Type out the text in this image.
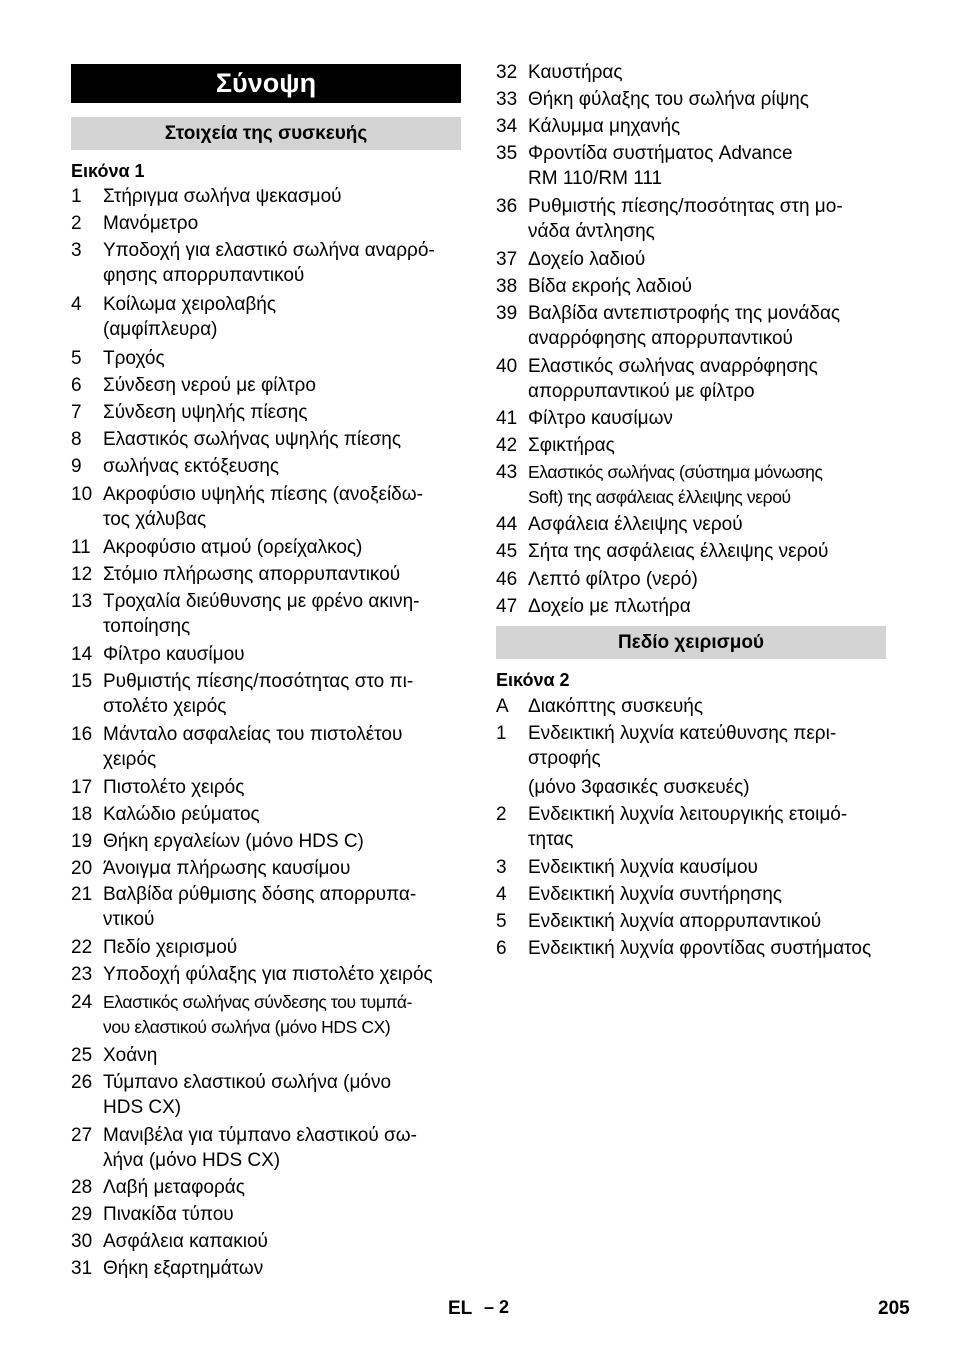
Σύνοψη
Στοιχεία της συσκευής
Εικόνα 1
1	Στήριγμα σωλήνα ψεκασμού
2	Μανόμετρο
3	Υποδοχή για ελαστικό σωλήνα αναρρό-
φησης απορρυπαντικού
4	Κοίλωμα χειρολαβής
(αμφίπλευρα)
5	Τροχός
6	Σύνδεση νερού με φίλτρο
7	Σύνδεση υψηλής πίεσης
8	Ελαστικός σωλήνας υψηλής πίεσης
9	σωλήνας εκτόξευσης
10 Ακροφύσιο υψηλής πίεσης (ανοξείδω-
τος χάλυβας
11 Ακροφύσιο ατμού (ορείχαλκος)
12 Στόμιο πλήρωσης απορρυπαντικού
13 Τροχαλία διεύθυνσης με φρένο ακινη-
τοποίησης
14 Φίλτρο καυσίμου
15 Ρυθμιστής πίεσης/ποσότητας στο πι-
στολέτο χειρός
16 Μάνταλο ασφαλείας του πιστολέτου
χειρός
17 Πιστολέτο χειρός
18 Καλώδιο ρεύματος
19 Θήκη εργαλείων (μόνο HDS C)
20 Άνοιγμα πλήρωσης καυσίμου
21 Βαλβίδα ρύθμισης δόσης απορρυπα-
ντικού
22 Πεδίο χειρισμού
23 Υποδοχή φύλαξης για πιστολέτο χειρός
24 Ελαστικός σωλήνας σύνδεσης του τυμπά-
νου ελαστικού σωλήνα (μόνο HDS CX)
25 Χοάνη
26 Τύμπανο ελαστικού σωλήνα (μόνο
HDS CX)
27 Μανιβέλα για τύμπανο ελαστικού σω-
λήνα (μόνο HDS CX)
28 Λαβή μεταφοράς
29 Πινακίδα τύπου
30 Ασφάλεια καπακιού
31 Θήκη εξαρτημάτων
32 Καυστήρας
33 Θήκη φύλαξης του σωλήνα ρίψης
34 Κάλυμμα μηχανής
35 Φροντίδα συστήματος Advance
RM 110/RM 111
36 Ρυθμιστής πίεσης/ποσότητας στη μο-
νάδα άντλησης
37 Δοχείο λαδιού
38 Βίδα εκροής λαδιού
39 Βαλβίδα αντεπιστροφής της μονάδας
αναρρόφησης απορρυπαντικού
40 Ελαστικός σωλήνας αναρρόφησης
απορρυπαντικού με φίλτρο
41 Φίλτρο καυσίμων
42 Σφικτήρας
43 Ελαστικός σωλήνας (σύστημα μόνωσης
Soft) της ασφάλειας έλλειψης νερού
44 Ασφάλεια έλλειψης νερού
45 Σήτα της ασφάλειας έλλειψης νερού
46 Λεπτό φίλτρο (νερό)
47 Δοχείο με πλωτήρα
Πεδίο χειρισμού
Εικόνα 2
A	Διακόπτης συσκευής
1	Ενδεικτική λυχνία κατεύθυνσης περι-
στροφής
(μόνο 3φασικές συσκευές)
2	Ενδεικτική λυχνία λειτουργικής ετοιμό-
τητας
3	Ενδεικτική λυχνία καυσίμου
4	Ενδεικτική λυχνία συντήρησης
5	Ενδεικτική λυχνία απορρυπαντικού
6	Ενδεικτική λυχνία φροντίδας συστήματος
EL – 2	205
